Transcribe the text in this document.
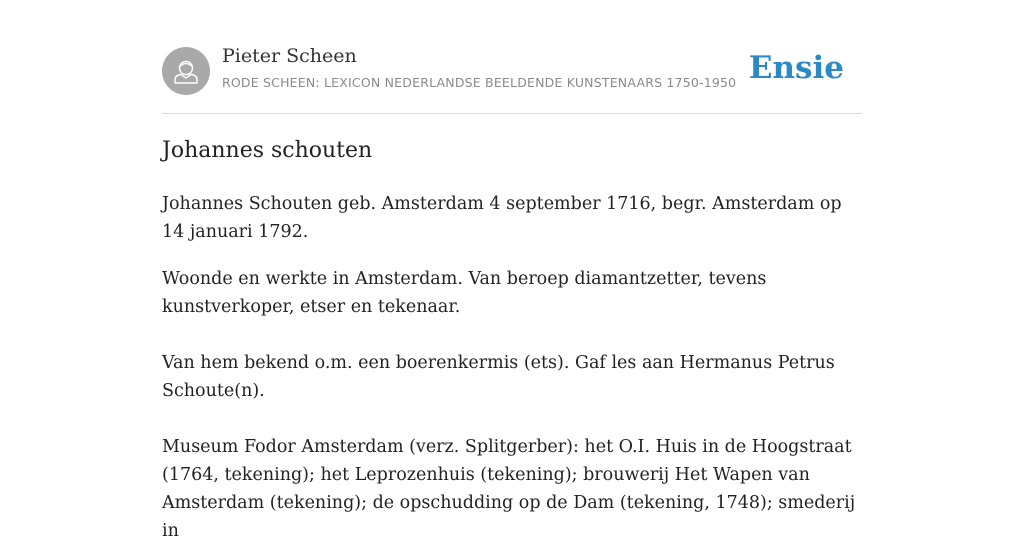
Pieter Scheen
RODE SCHEEN: LEXICON NEDERLANDSE BEELDENDE KUNSTENAARS 1750-1950 Ensie
Johannes schouten

Johannes Schouten geb. Amsterdam 4 september 1716, begr. Amsterdam op 14 januari 1792.

Woonde en werkte in Amsterdam. Van beroep diamantzetter, tevens kunstverkoper, etser en tekenaar.

Van hem bekend o.m. een boerenkermis (ets). Gaf les aan Hermanus Petrus Schoute(n).

Museum Fodor Amsterdam (verz. Splitgerber): het O.I. Huis in de Hoogstraat (1764, tekening); het Leprozenhuis (tekening); brouwerij Het Wapen van Amsterdam (tekening); de opschudding op de Dam (tekening, 1748); smederij in
